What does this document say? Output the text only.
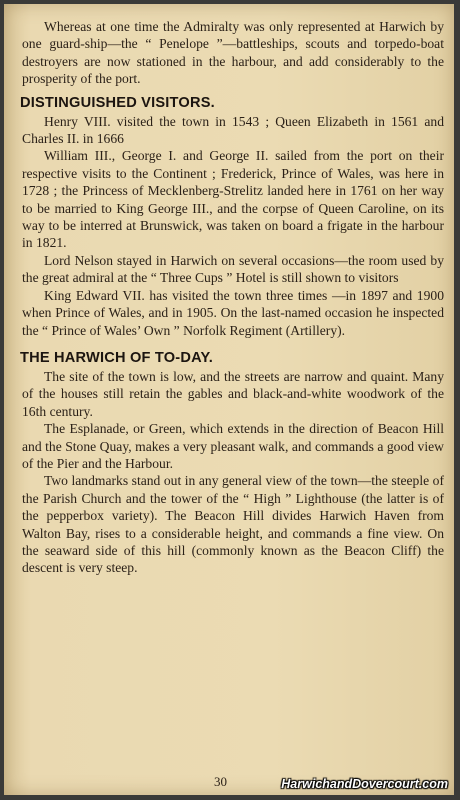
Whereas at one time the Admiralty was only represented at Harwich by one guard-ship—the “ Penelope ”—battleships, scouts and torpedo-boat destroyers are now stationed in the harbour, and add considerably to the prosperity of the port.

DISTINGUISHED VISITORS.

Henry VIII. visited the town in 1543 ; Queen Elizabeth in 1561 and Charles II. in 1666

William III., George I. and George II. sailed from the port on their respective visits to the Continent ; Frederick, Prince of Wales, was here in 1728 ; the Princess of Mecklenberg-Strelitz landed here in 1761 on her way to be married to King George III., and the corpse of Queen Caroline, on its way to be interred at Brunswick, was taken on board a frigate in the harbour in 1821.

Lord Nelson stayed in Harwich on several occasions—the room used by the great admiral at the “ Three Cups ” Hotel is still shown to visitors

King Edward VII. has visited the town three times —in 1897 and 1900 when Prince of Wales, and in 1905. On the last-named occasion he inspected the “ Prince of Wales’ Own ” Norfolk Regiment (Artillery).

THE HARWICH OF TO-DAY.

The site of the town is low, and the streets are narrow and quaint. Many of the houses still retain the gables and black-and-white woodwork of the 16th century.

The Esplanade, or Green, which extends in the direction of Beacon Hill and the Stone Quay, makes a very pleasant walk, and commands a good view of the Pier and the Harbour.

Two landmarks stand out in any general view of the town—the steeple of the Parish Church and the tower of the “ High ” Lighthouse (the latter is of the pepperbox variety). The Beacon Hill divides Harwich Haven from Walton Bay, rises to a considerable height, and commands a fine view. On the seaward side of this hill (commonly known as the Beacon Cliff) the descent is very steep.

30	HarwichandDovercourt.com
